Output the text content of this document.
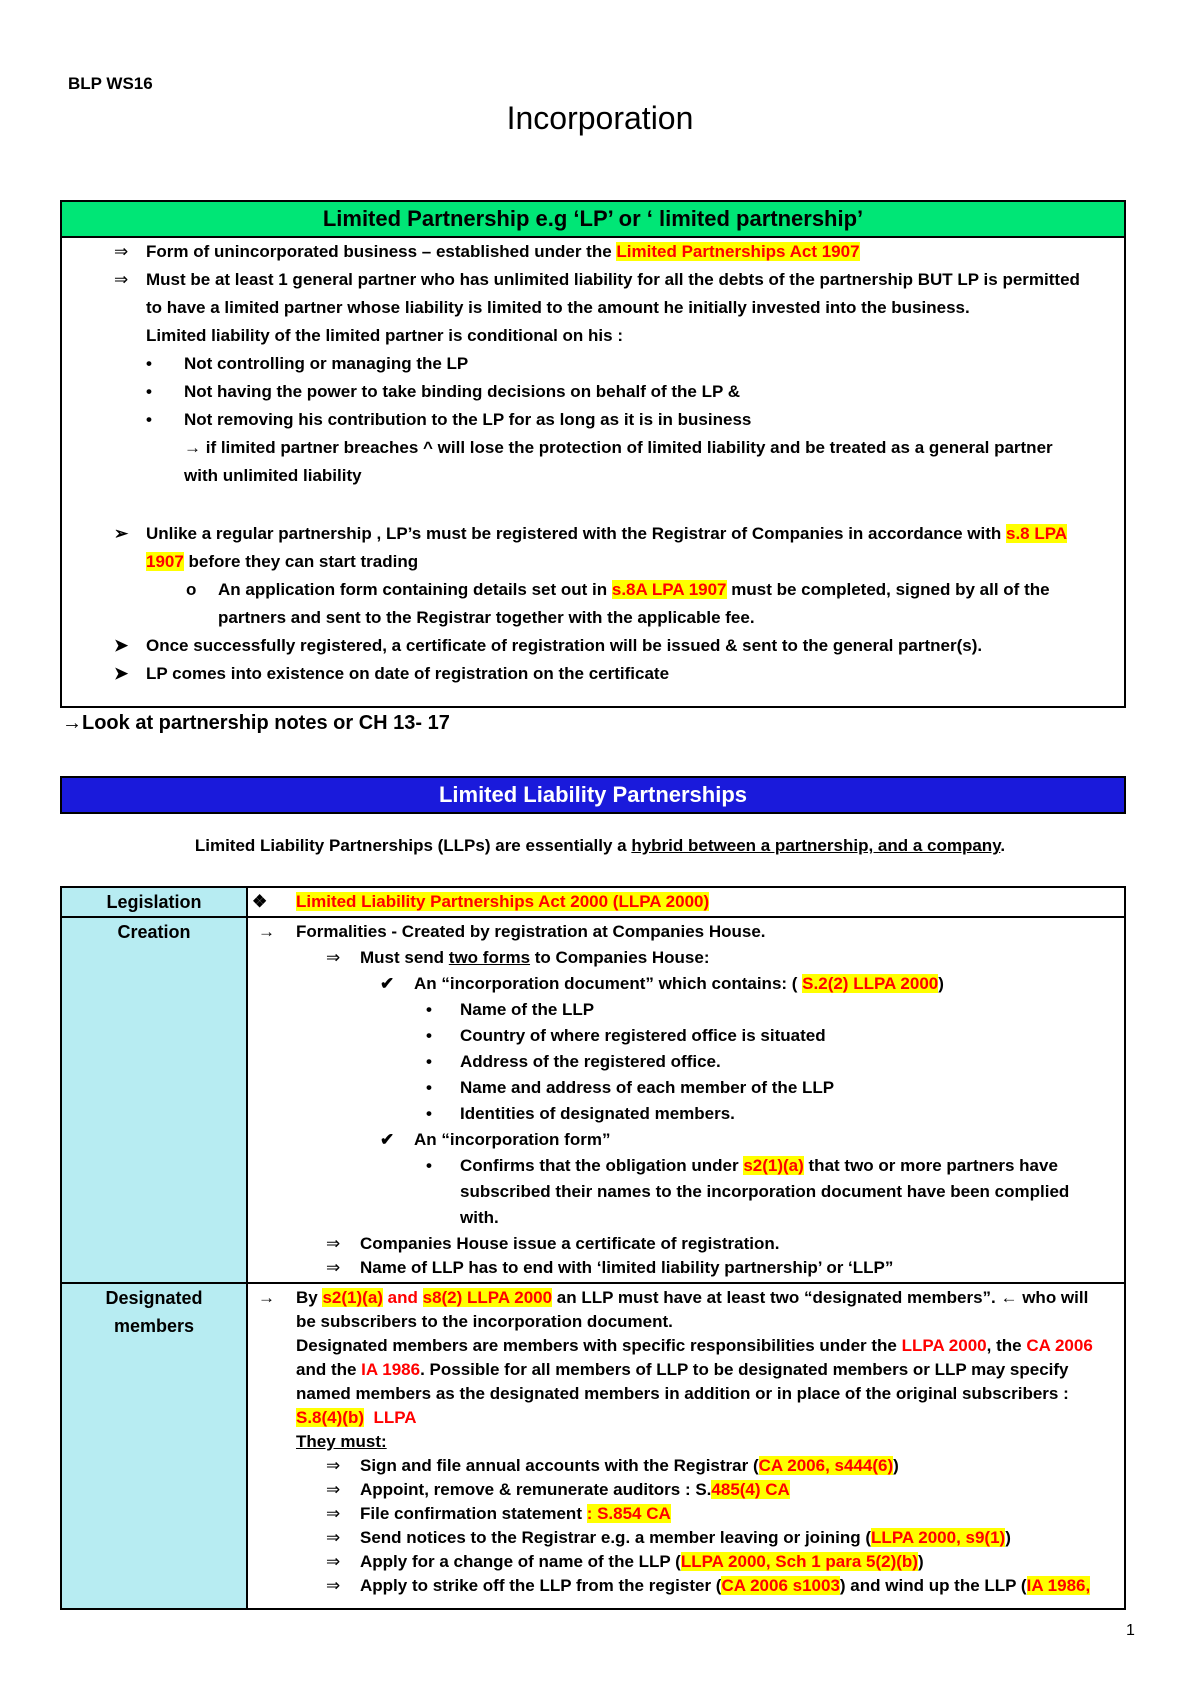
BLP WS16
Incorporation
Limited Partnership e.g ‘LP’ or ‘ limited partnership’
⇒ Form of unincorporated business – established under the Limited Partnerships Act 1907
⇒ Must be at least 1 general partner who has unlimited liability for all the debts of the partnership BUT LP is permitted
to have a limited partner whose liability is limited to the amount he initially invested into the business.
Limited liability of the limited partner is conditional on his :
• Not controlling or managing the LP
• Not having the power to take binding decisions on behalf of the LP &
• Not removing his contribution to the LP for as long as it is in business
→ if limited partner breaches ^ will lose the protection of limited liability and be treated as a general partner
with unlimited liability
➢ Unlike a regular partnership , LP’s must be registered with the Registrar of Companies in accordance with s.8 LPA
1907 before they can start trading
o An application form containing details set out in s.8A LPA 1907 must be completed, signed by all of the
partners and sent to the Registrar together with the applicable fee.
➤ Once successfully registered, a certificate of registration will be issued & sent to the general partner(s).
➤ LP comes into existence on date of registration on the certificate
→Look at partnership notes or CH 13- 17
Limited Liability Partnerships
Limited Liability Partnerships (LLPs) are essentially a hybrid between a partnership, and a company.
Legislation
Creation
Designated
members
❖ Limited Liability Partnerships Act 2000 (LLPA 2000)
→ Formalities - Created by registration at Companies House.
⇒ Must send two forms to Companies House:
✔ An “incorporation document” which contains: ( S.2(2) LLPA 2000)
• Name of the LLP
• Country of where registered office is situated
• Address of the registered office.
• Name and address of each member of the LLP
• Identities of designated members.
✔ An “incorporation form”
• Confirms that the obligation under s2(1)(a) that two or more partners have
subscribed their names to the incorporation document have been complied
with.
⇒ Companies House issue a certificate of registration.
⇒ Name of LLP has to end with ‘limited liability partnership’ or ‘LLP”
→ By s2(1)(a) and s8(2) LLPA 2000 an LLP must have at least two “designated members”. ← who will
be subscribers to the incorporation document.
Designated members are members with specific responsibilities under the LLPA 2000, the CA 2006
and the IA 1986. Possible for all members of LLP to be designated members or LLP may specify
named members as the designated members in addition or in place of the original subscribers :
S.8(4)(b) LLPA
They must:
⇒ Sign and file annual accounts with the Registrar (CA 2006, s444(6))
⇒ Appoint, remove & remunerate auditors : S.485(4) CA
⇒ File confirmation statement : S.854 CA
⇒ Send notices to the Registrar e.g. a member leaving or joining (LLPA 2000, s9(1))
⇒ Apply for a change of name of the LLP (LLPA 2000, Sch 1 para 5(2)(b))
⇒ Apply to strike off the LLP from the register (CA 2006 s1003) and wind up the LLP (IA 1986,
1
